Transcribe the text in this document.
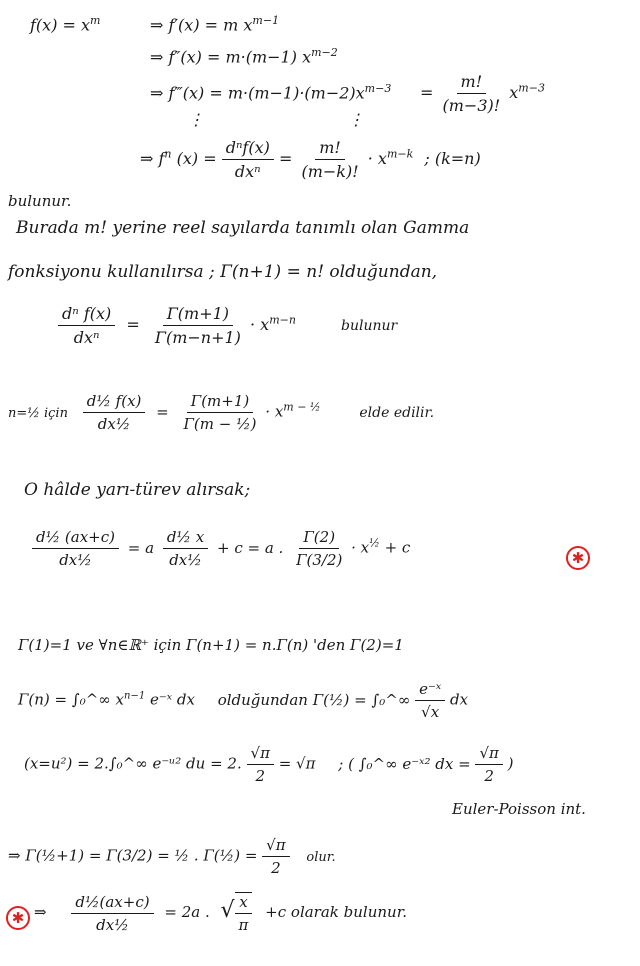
$f(x) = x^m$	⇒ f′(x) = m $x^{m-1}$
⇒ f″(x) = m·(m−1) $x^{m-2}$
⇒ f‴(x) = $m\cdot(m-1)\cdot(m-2)x^{m-3} = \frac{m!}{(m-3)!} x^{m-3}$
⋮	⋮
⇒ $f^n$ $(x) = \frac{\text{dⁿf(x)}}{\text{dxⁿ}} = \frac{m!}{(m-k)!} \cdot x^{m-k}$ ; (k=n)
bulunur.
Burada m! yerine reel sayılarda tanımlı olan Gamma
fonksiyonu kullanılırsa ; Γ(n+1) = n! olduğundan,
$\frac{\text{dⁿ f(x)}}{\text{dxⁿ}} = \frac{\Gamma(m+1)}{\Gamma(m-n+1)} \cdot x^{m-n}$	bulunur
n=½ için $\frac{\text{d½ f(x)}}{\text{dx½}} = \frac{\Gamma(m+1)}{\text{Γ(m − ½)}} \cdot x^{m - \frac{1}{2}}$	elde edilir.
O hâlde yarı-türev alırsak;
$\frac{\text{d½ (ax+c)}}{\text{dx½}} = a \frac{\text{d½ x}}{\text{dx½}} + c = a$ . $\frac{\Gamma(2)}{\Gamma(3/2)} \cdot x^{\frac{1}{2}} + c$
✱
Γ(1)=1 ve ∀n∈ℝ⁺ için Γ(n+1) = n.Γ(n) 'den Γ(2)=1
Γ(n) = ∫₀^∞ $x^{n-1}$ e⁻ˣ dx olduğundan Γ(½) = ∫₀^∞ $\frac{\text{e⁻ˣ}}{√x}$ dx
(x=u²) = 2.∫₀^∞ e⁻ᵘ² du = 2. $\frac{√\pi}{2} = √\pi$ ; ( ∫₀^∞ e⁻ˣ² dx = $\frac{√\pi}{2}$ )
Euler-Poisson int.
⇒ Γ(½+1) = Γ(3/2) = ½ . Γ(½) = $\frac{√\pi}{2}$ olur.
✱ ⇒ $\frac{\text{d½(ax+c)}}{\text{dx½}} = 2a$ . √ $\frac{x}{\pi} +c$ olarak bulunur.
